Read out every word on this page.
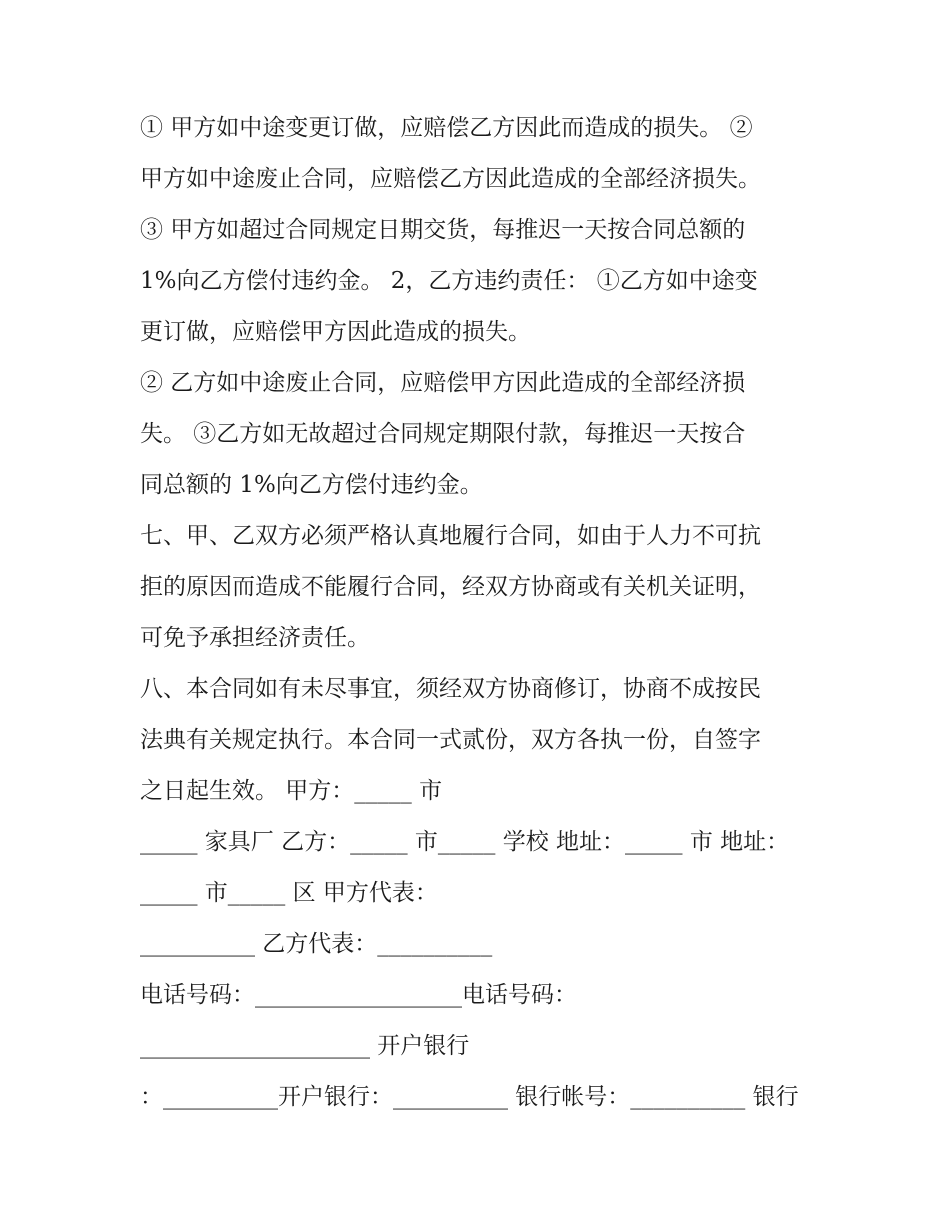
① 甲方如中途变更订做，应赔偿乙方因此而造成的损失。 ②
甲方如中途废止合同，应赔偿乙方因此造成的全部经济损失。
③ 甲方如超过合同规定日期交货，每推迟一天按合同总额的
1%向乙方偿付违约金。 2，乙方违约责任： ①乙方如中途变
更订做，应赔偿甲方因此造成的损失。
② 乙方如中途废止合同，应赔偿甲方因此造成的全部经济损
失。 ③乙方如无故超过合同规定期限付款，每推迟一天按合
同总额的 1%向乙方偿付违约金。
七、甲、乙双方必须严格认真地履行合同，如由于人力不可抗
拒的原因而造成不能履行合同，经双方协商或有关机关证明，
可免予承担经济责任。
八、本合同如有未尽事宜，须经双方协商修订，协商不成按民
法典有关规定执行。本合同一式贰份，双方各执一份，自签字
之日起生效。 甲方：_____ 市
_____ 家具厂 乙方：_____ 市_____ 学校 地址：_____ 市 地址：
_____ 市_____ 区 甲方代表：
__________ 乙方代表：__________
电话号码：__________________电话号码：
____________________ 开户银行
：__________开户银行：__________ 银行帐号：__________ 银行
